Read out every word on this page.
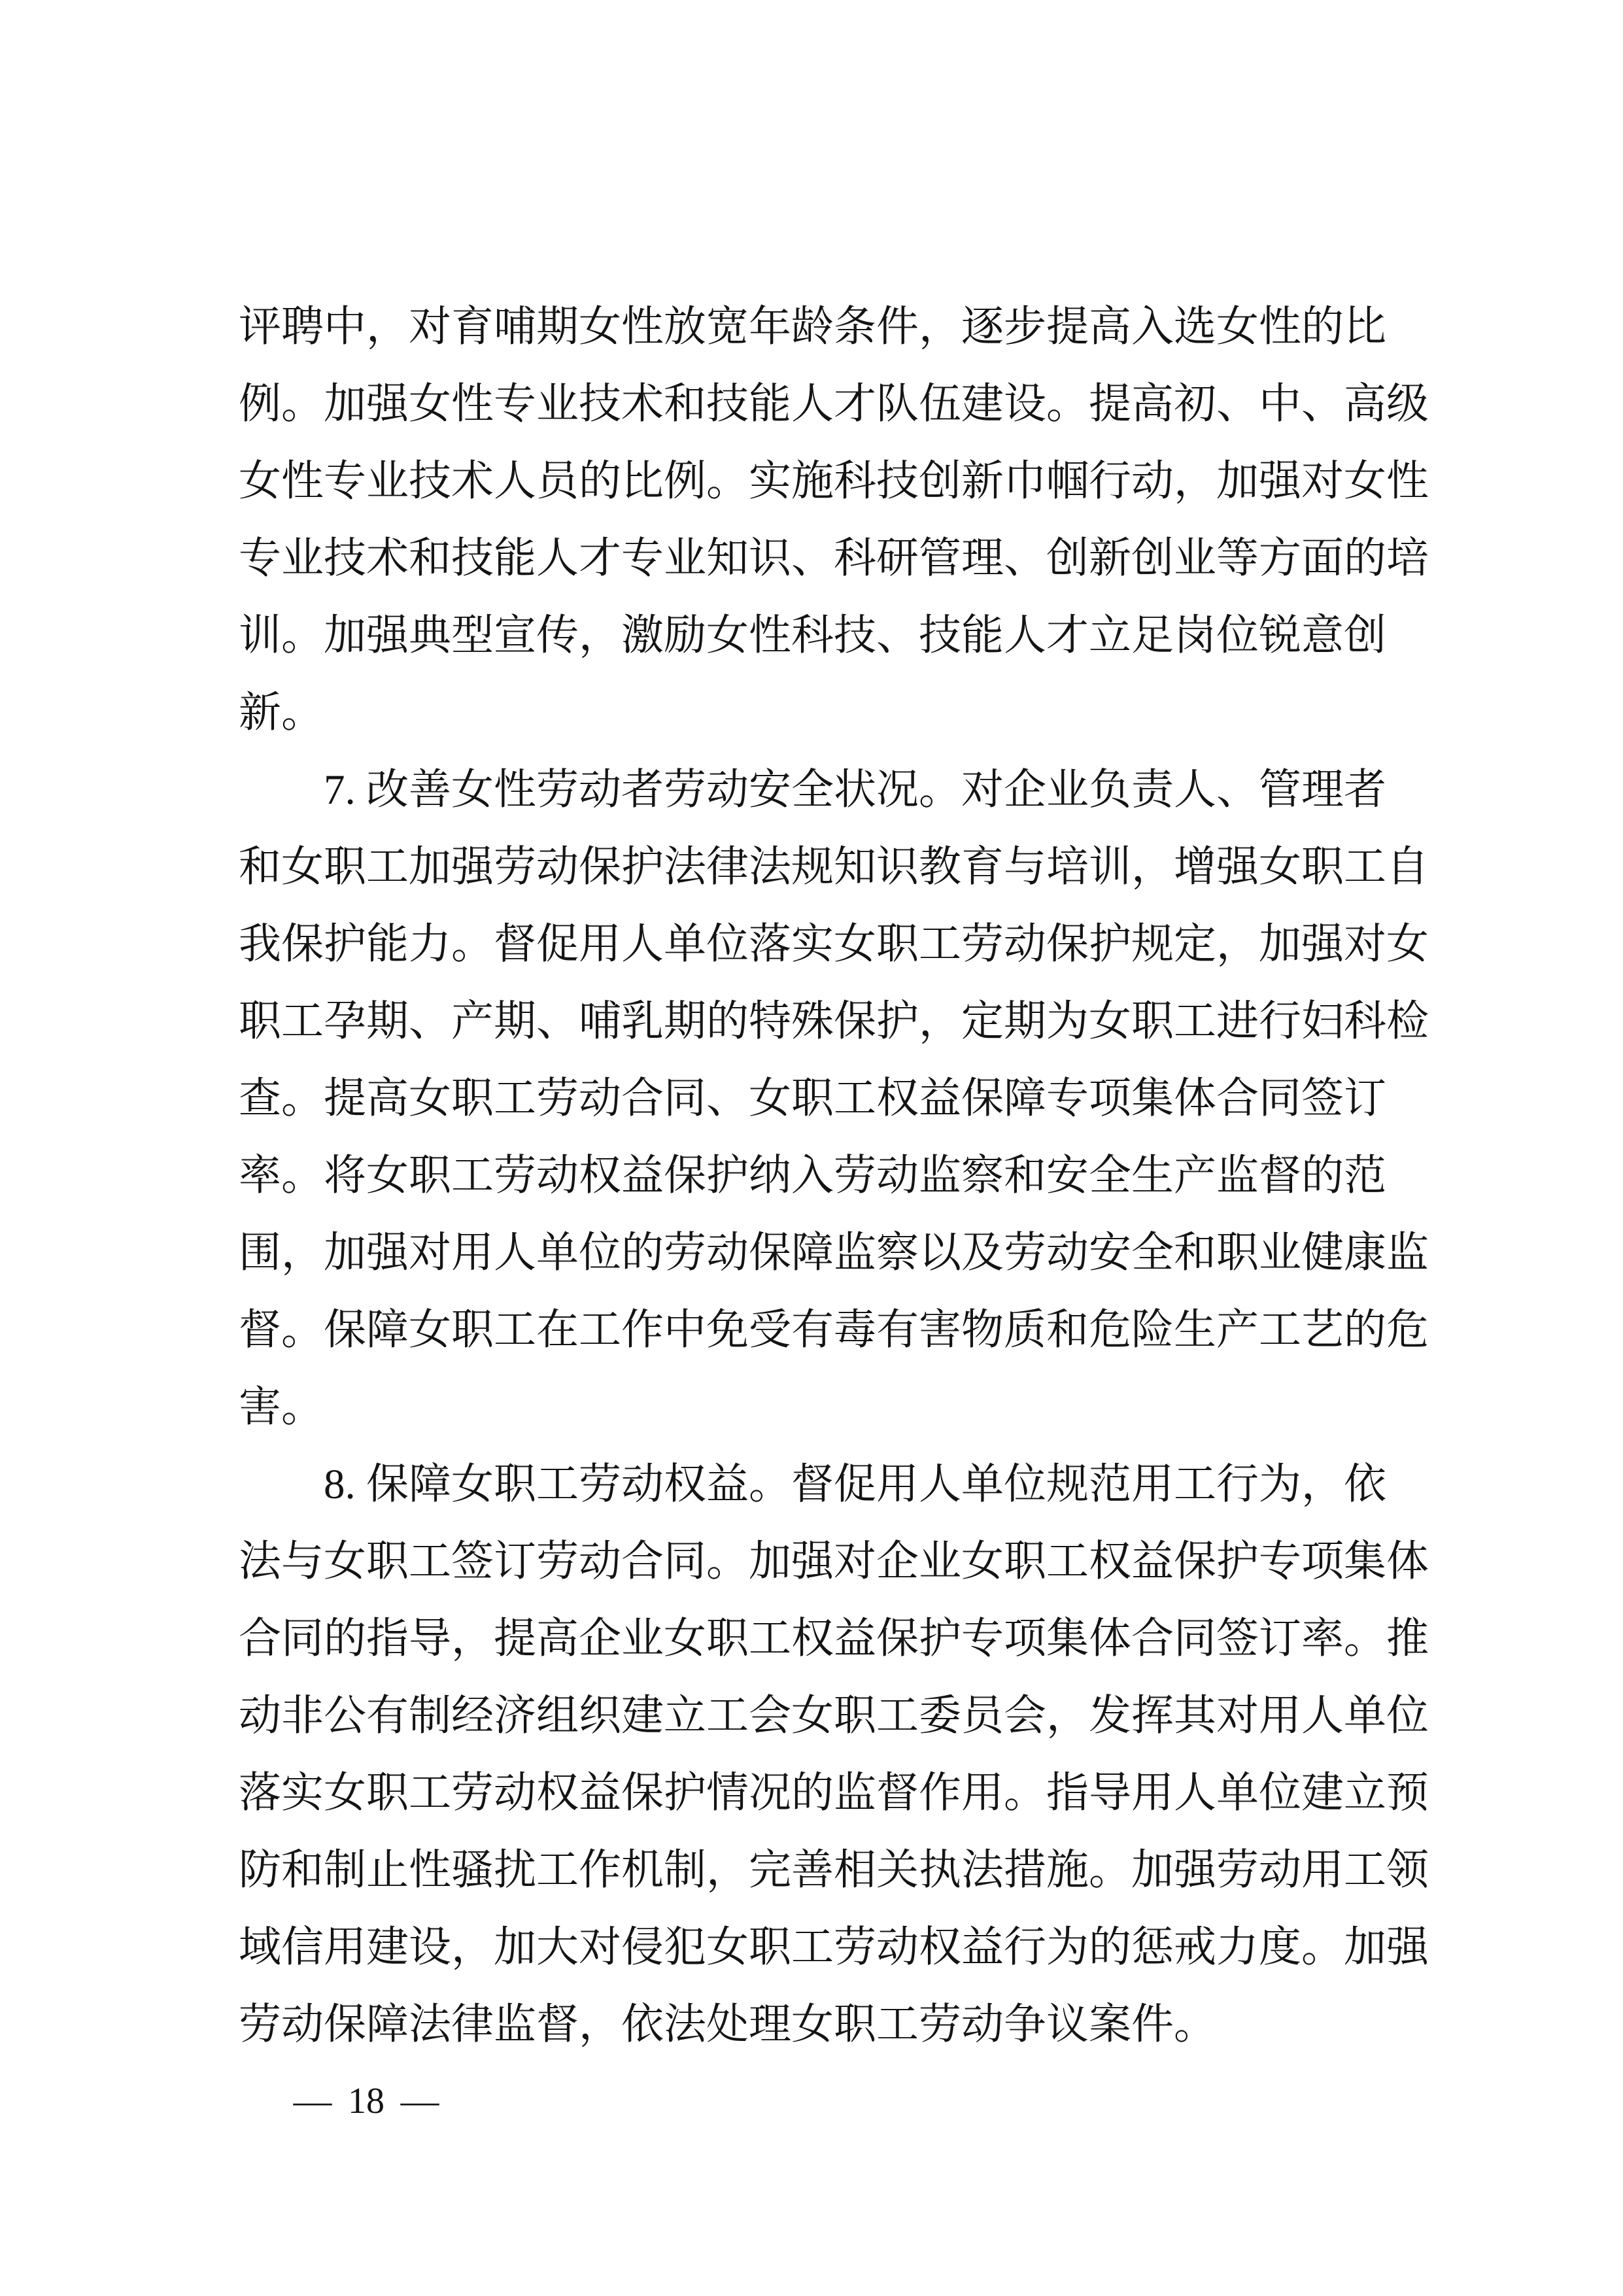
评聘中，对育哺期女性放宽年龄条件，逐步提高入选女性的比
例。加强女性专业技术和技能人才队伍建设。提高初、中、高级
女性专业技术人员的比例。实施科技创新巾帼行动，加强对女性
专业技术和技能人才专业知识、科研管理、创新创业等方面的培
训。加强典型宣传，激励女性科技、技能人才立足岗位锐意创
新。
7. 改善女性劳动者劳动安全状况。对企业负责人、管理者
和女职工加强劳动保护法律法规知识教育与培训，增强女职工自
我保护能力。督促用人单位落实女职工劳动保护规定，加强对女
职工孕期、产期、哺乳期的特殊保护，定期为女职工进行妇科检
查。提高女职工劳动合同、女职工权益保障专项集体合同签订
率。将女职工劳动权益保护纳入劳动监察和安全生产监督的范
围，加强对用人单位的劳动保障监察以及劳动安全和职业健康监
督。保障女职工在工作中免受有毒有害物质和危险生产工艺的危
害。
8. 保障女职工劳动权益。督促用人单位规范用工行为，依
法与女职工签订劳动合同。加强对企业女职工权益保护专项集体
合同的指导，提高企业女职工权益保护专项集体合同签订率。推
动非公有制经济组织建立工会女职工委员会，发挥其对用人单位
落实女职工劳动权益保护情况的监督作用。指导用人单位建立预
防和制止性骚扰工作机制，完善相关执法措施。加强劳动用工领
域信用建设，加大对侵犯女职工劳动权益行为的惩戒力度。加强
劳动保障法律监督，依法处理女职工劳动争议案件。
— 18 —
